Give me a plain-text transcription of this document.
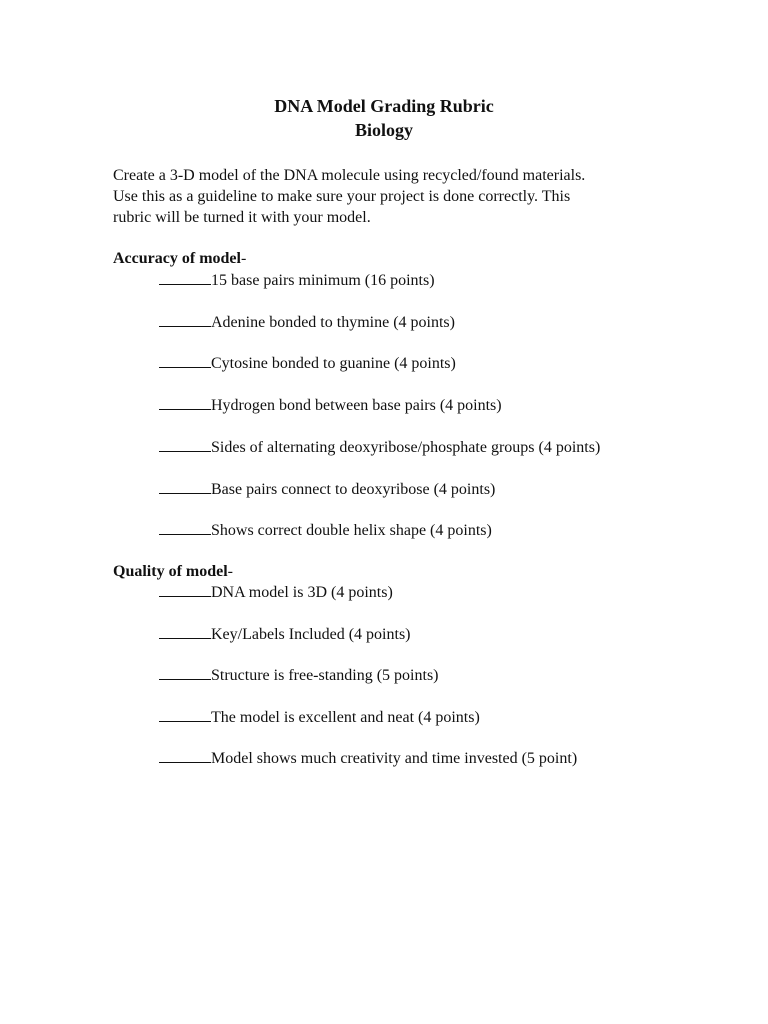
DNA Model Grading Rubric
Biology
Create a 3-D model of the DNA molecule using recycled/found materials.
Use this as a guideline to make sure your project is done correctly. This
rubric will be turned it with your model.
Accuracy of model-
15 base pairs minimum (16 points)
Adenine bonded to thymine (4 points)
Cytosine bonded to guanine (4 points)
Hydrogen bond between base pairs (4 points)
Sides of alternating deoxyribose/phosphate groups (4 points)
Base pairs connect to deoxyribose (4 points)
Shows correct double helix shape (4 points)
Quality of model-
DNA model is 3D (4 points)
Key/Labels Included (4 points)
Structure is free-standing (5 points)
The model is excellent and neat (4 points)
Model shows much creativity and time invested (5 point)
